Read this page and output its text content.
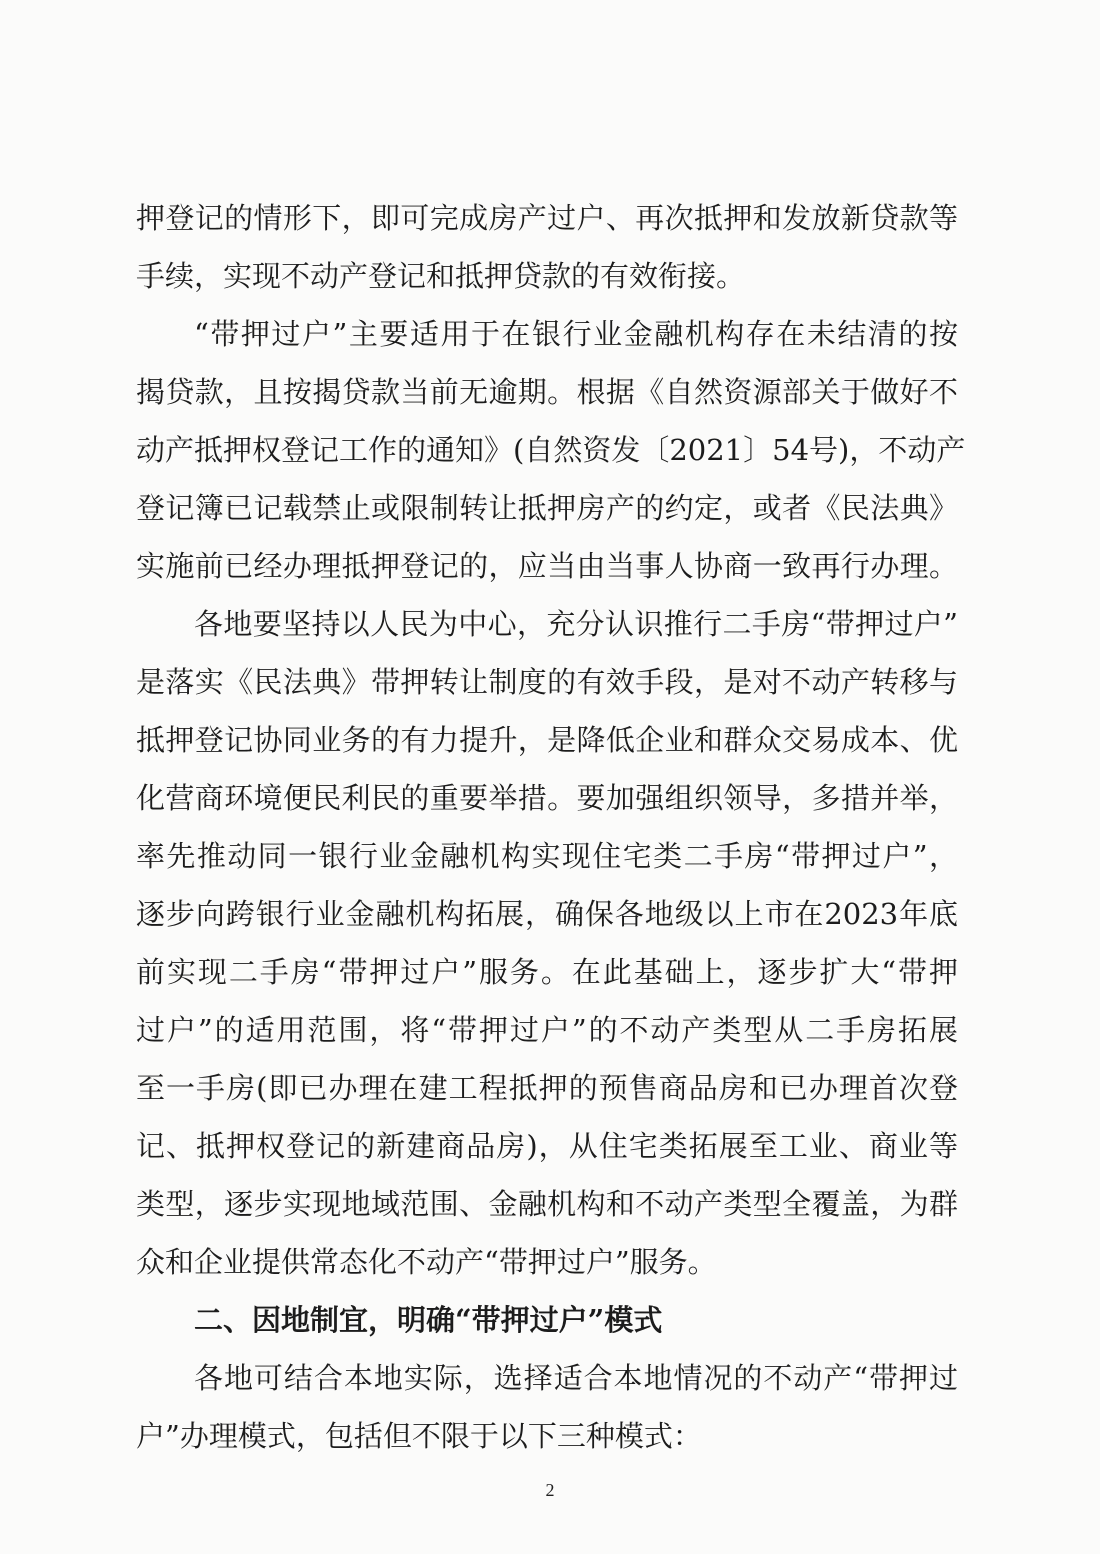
押登记的情形下，即可完成房产过户、再次抵押和发放新贷款等
手续，实现不动产登记和抵押贷款的有效衔接。
“带押过户”主要适用于在银行业金融机构存在未结清的按
揭贷款，且按揭贷款当前无逾期。根据《自然资源部关于做好不
动产抵押权登记工作的通知》(自然资发〔2021〕54号)，不动产
登记簿已记载禁止或限制转让抵押房产的约定，或者《民法典》
实施前已经办理抵押登记的，应当由当事人协商一致再行办理。
各地要坚持以人民为中心，充分认识推行二手房“带押过户”
是落实《民法典》带押转让制度的有效手段，是对不动产转移与
抵押登记协同业务的有力提升，是降低企业和群众交易成本、优
化营商环境便民利民的重要举措。要加强组织领导，多措并举，
率先推动同一银行业金融机构实现住宅类二手房“带押过户”，
逐步向跨银行业金融机构拓展，确保各地级以上市在2023年底
前实现二手房“带押过户”服务。在此基础上，逐步扩大“带押
过户”的适用范围，将“带押过户”的不动产类型从二手房拓展
至一手房(即已办理在建工程抵押的预售商品房和已办理首次登
记、抵押权登记的新建商品房)，从住宅类拓展至工业、商业等
类型，逐步实现地域范围、金融机构和不动产类型全覆盖，为群
众和企业提供常态化不动产“带押过户”服务。
二、因地制宜，明确“带押过户”模式
各地可结合本地实际，选择适合本地情况的不动产“带押过
户”办理模式，包括但不限于以下三种模式：
2
